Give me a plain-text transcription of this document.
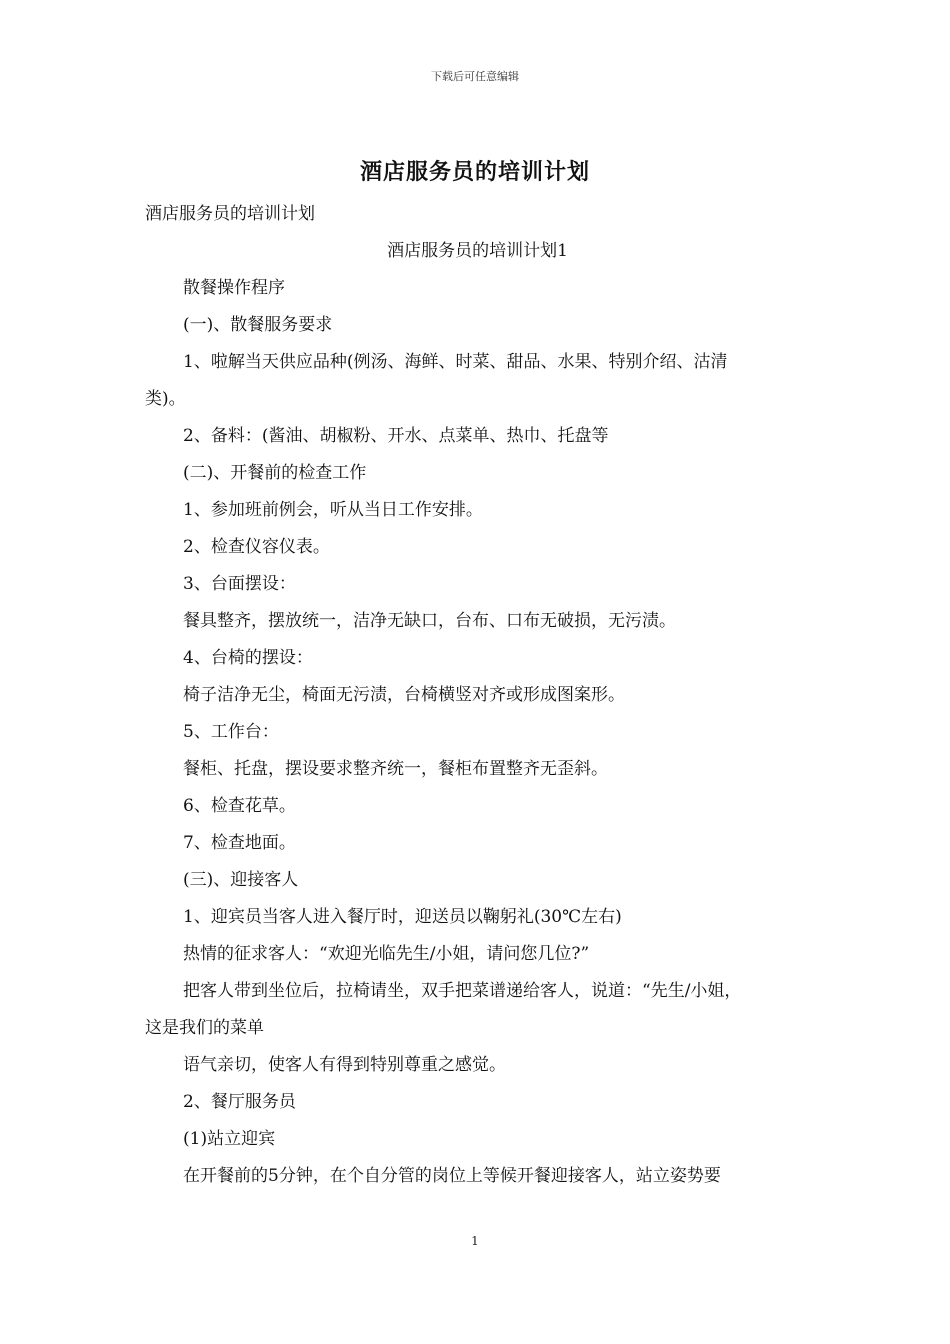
下载后可任意编辑
酒店服务员的培训计划
酒店服务员的培训计划
酒店服务员的培训计划1
散餐操作程序
(一)、散餐服务要求
1、啦解当天供应品种(例汤、海鲜、时菜、甜品、水果、特别介绍、沽清
类)。
2、备料：(酱油、胡椒粉、开水、点菜单、热巾、托盘等
(二)、开餐前的检查工作
1、参加班前例会，听从当日工作安排。
2、检查仪容仪表。
3、台面摆设：
餐具整齐，摆放统一，洁净无缺口，台布、口布无破损，无污渍。
4、台椅的摆设：
椅子洁净无尘，椅面无污渍，台椅横竖对齐或形成图案形。
5、工作台：
餐柜、托盘，摆设要求整齐统一，餐柜布置整齐无歪斜。
6、检查花草。
7、检查地面。
(三)、迎接客人
1、迎宾员当客人进入餐厅时，迎送员以鞠躬礼(30℃左右)
热情的征求客人：“欢迎光临先生/小姐，请问您几位?”
把客人带到坐位后，拉椅请坐，双手把菜谱递给客人，说道：“先生/小姐，
这是我们的菜单
语气亲切，使客人有得到特别尊重之感觉。
2、餐厅服务员
(1)站立迎宾
在开餐前的5分钟，在个自分管的岗位上等候开餐迎接客人，站立姿势要
1
